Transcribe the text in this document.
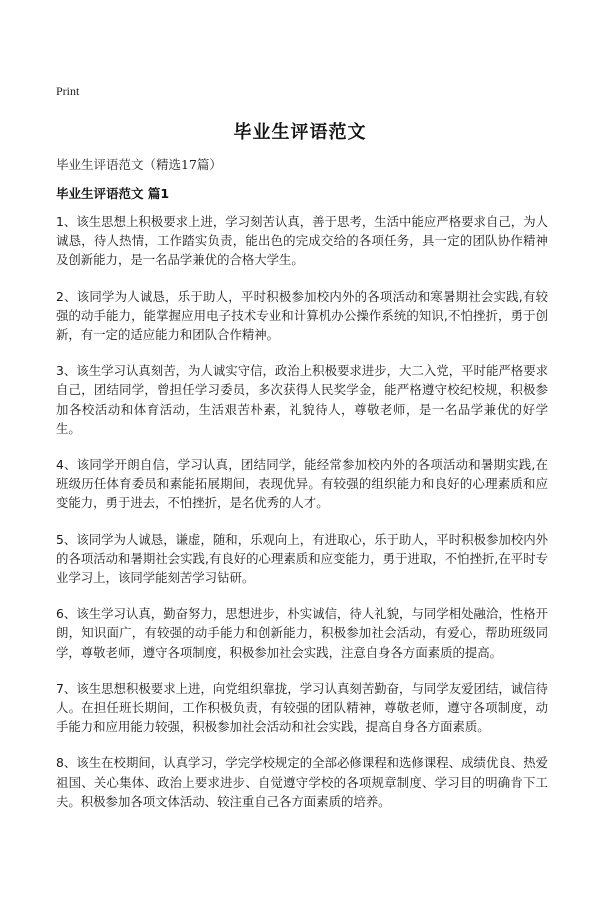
Print
毕业生评语范文
毕业生评语范文（精选17篇）
毕业生评语范文 篇1

1、该生思想上积极要求上进，学习刻苦认真，善于思考，生活中能应严格要求自己，为人诚恳，待人热情，工作踏实负责，能出色的完成交给的各项任务，具一定的团队协作精神及创新能力，是一名品学兼优的合格大学生。

2、该同学为人诚恳，乐于助人，平时积极参加校内外的各项活动和寒暑期社会实践,有较强的动手能力，能掌握应用电子技术专业和计算机办公操作系统的知识,不怕挫折，勇于创新，有一定的适应能力和团队合作精神。

3、该生学习认真刻苦，为人诚实守信，政治上积极要求进步，大二入党，平时能严格要求自己，团结同学，曾担任学习委员，多次获得人民奖学金，能严格遵守校纪校规，积极参加各校活动和体育活动，生活艰苦朴素，礼貌待人，尊敬老师，是一名品学兼优的好学生。

4、该同学开朗自信，学习认真，团结同学，能经常参加校内外的各项活动和暑期实践,在班级历任体育委员和素能拓展期间，表现优异。有较强的组织能力和良好的心理素质和应变能力，勇于进去，不怕挫折，是名优秀的人才。

5、该同学为人诚恳，谦虚，随和，乐观向上，有进取心，乐于助人，平时积极参加校内外的各项活动和暑期社会实践,有良好的心理素质和应变能力，勇于进取，不怕挫折,在平时专业学习上，该同学能刻苦学习钻研。

6、该生学习认真，勤奋努力，思想进步，朴实诚信，待人礼貌，与同学相处融洽，性格开朗，知识面广，有较强的动手能力和创新能力，积极参加社会活动，有爱心，帮助班级同学，尊敬老师，遵守各项制度，积极参加社会实践，注意自身各方面素质的提高。

7、该生思想积极要求上进，向党组织靠拢，学习认真刻苦勤奋，与同学友爱团结，诚信待人。在担任班长期间，工作积极负责，有较强的团队精神，尊敬老师，遵守各项制度，动手能力和应用能力较强，积极参加社会活动和社会实践，提高自身各方面素质。

8、该生在校期间，认真学习，学完学校规定的全部必修课程和选修课程、成绩优良、热爱祖国、关心集体、政治上要求进步、自觉遵守学校的各项规章制度、学习目的明确肯下工夫。积极参加各项文体活动、较注重自己各方面素质的培养。
